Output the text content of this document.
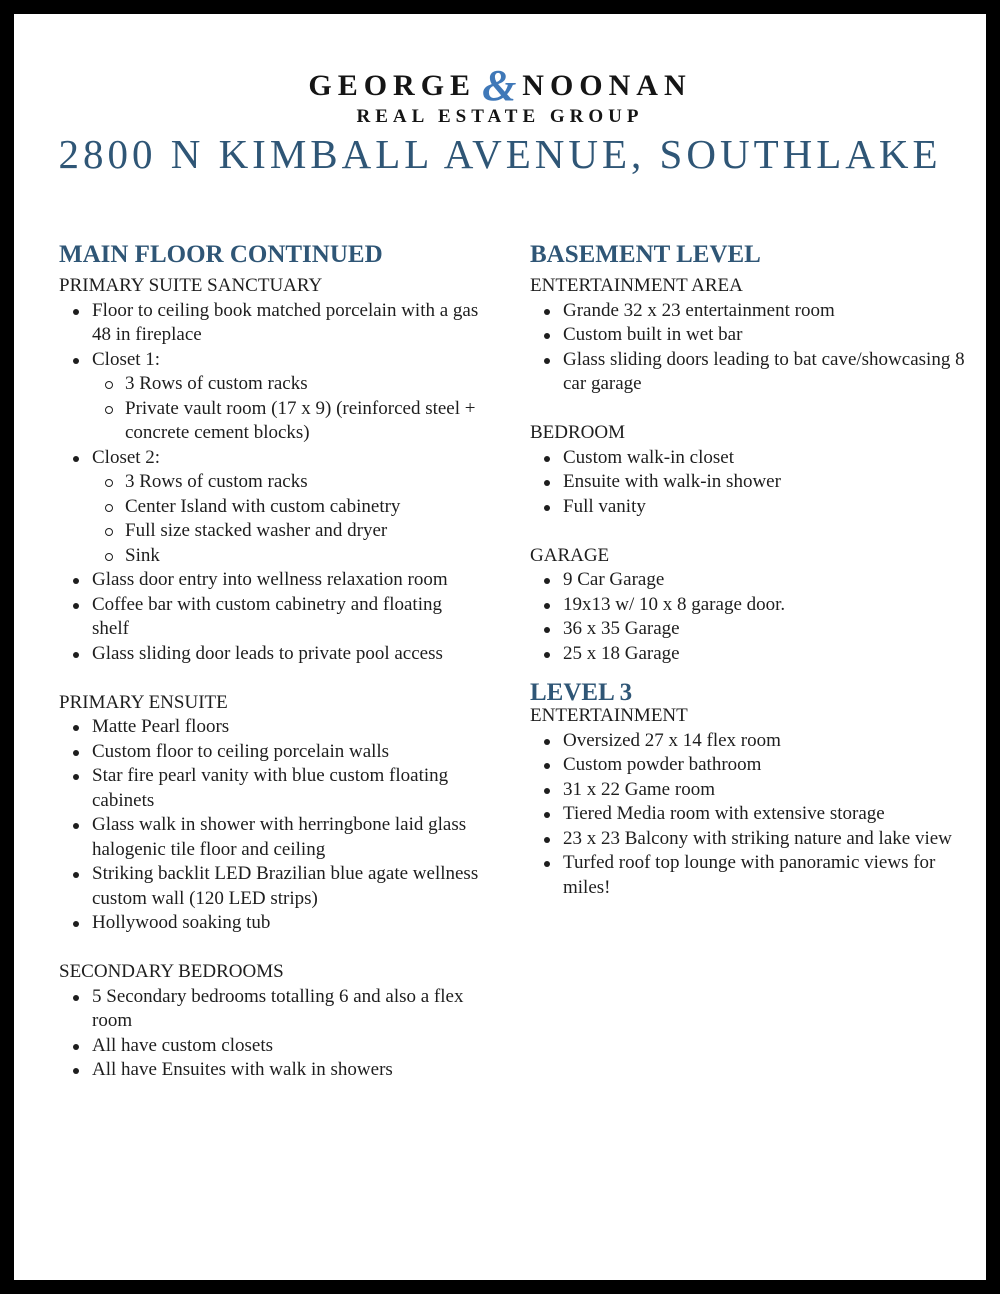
GEORGE & NOONAN
REAL ESTATE GROUP
2800 N KIMBALL AVENUE, SOUTHLAKE
MAIN FLOOR CONTINUED
PRIMARY SUITE SANCTUARY
Floor to ceiling book matched porcelain with a gas 48 in fireplace
Closet 1:
3 Rows of custom racks
Private vault room (17 x 9) (reinforced steel + concrete cement blocks)
Closet 2:
3 Rows of custom racks
Center Island with custom cabinetry
Full size stacked washer and dryer
Sink
Glass door entry into wellness relaxation room
Coffee bar with custom cabinetry and floating shelf
Glass sliding door leads to private pool access
PRIMARY ENSUITE
Matte Pearl floors
Custom floor to ceiling porcelain walls
Star fire pearl vanity with blue custom floating cabinets
Glass walk in shower with herringbone laid glass halogenic tile floor and ceiling
Striking backlit LED Brazilian blue agate wellness custom wall (120 LED strips)
Hollywood soaking tub
SECONDARY BEDROOMS
5 Secondary bedrooms totalling 6 and also a flex room
All have custom closets
All have Ensuites with walk in showers
BASEMENT LEVEL
ENTERTAINMENT AREA
Grande 32 x 23 entertainment room
Custom built in wet bar
Glass sliding doors leading to bat cave/showcasing 8 car garage
BEDROOM
Custom walk-in closet
Ensuite with walk-in shower
Full vanity
GARAGE
9 Car Garage
19x13 w/ 10 x 8 garage door.
36 x 35 Garage
25 x 18 Garage
LEVEL 3
ENTERTAINMENT
Oversized 27 x 14 flex room
Custom powder bathroom
31 x 22 Game room
Tiered Media room with extensive storage
23 x 23 Balcony with striking nature and lake view
Turfed roof top lounge with panoramic views for miles!
